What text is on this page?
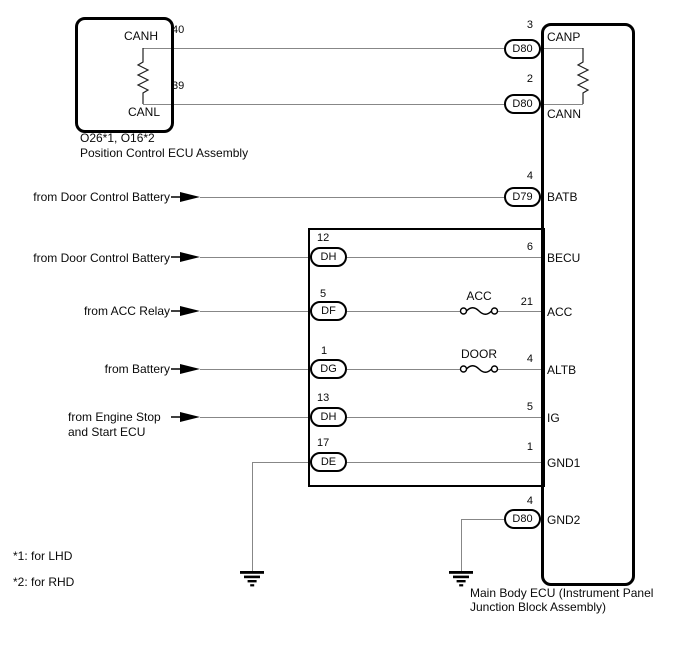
D80
D80
D79
D80
DH
DF
DG
DH
DE
CANH
CANL
40
39
O26*1, O16*2
Position Control ECU Assembly
CANP
CANN
BATB
BECU
ACC
ALTB
IG
GND1
GND2
3
2
4
6
21
4
5
1
4
12
5
1
13
17
ACC
DOOR
from Door Control Battery
from Door Control Battery
from ACC Relay
from Battery
from Engine Stop
and Start ECU
Main Body ECU (Instrument Panel
Junction Block Assembly)
*1: for LHD
*2: for RHD
